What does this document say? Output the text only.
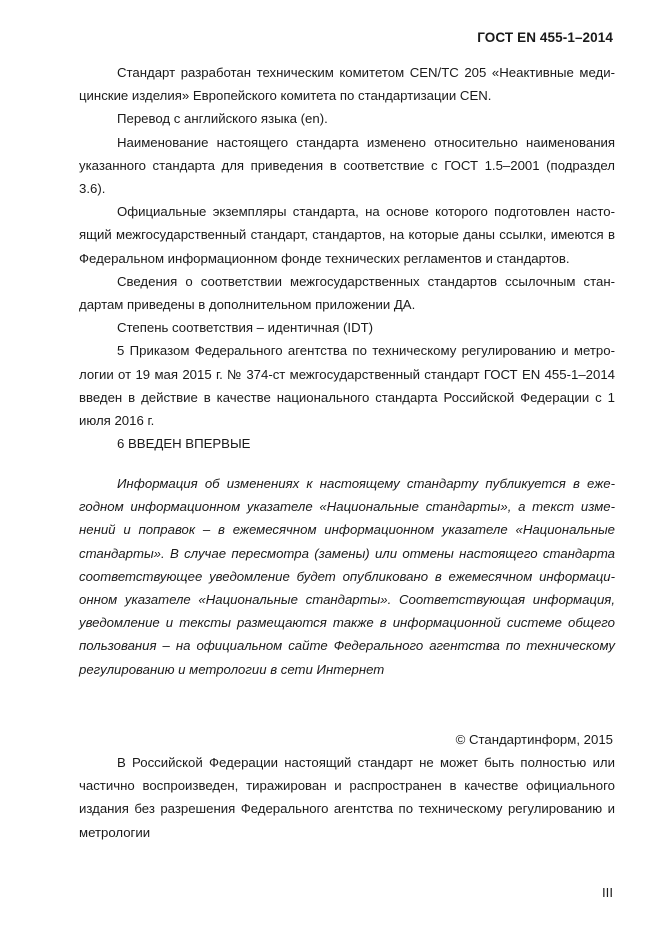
ГОСТ EN 455-1–2014

Стандарт разработан техническим комитетом CEN/TC 205 «Неактивные меди-цинские изделия» Европейского комитета по стандартизации CEN.

Перевод с английского языка (en).

Наименование настоящего стандарта изменено относительно наименования указанного стандарта для приведения в соответствие с ГОСТ 1.5–2001 (подраздел 3.6).

Официальные экземпляры стандарта, на основе которого подготовлен насто-ящий межгосударственный стандарт, стандартов, на которые даны ссылки, имеются в Федеральном информационном фонде технических регламентов и стандартов.

Сведения о соответствии межгосударственных стандартов ссылочным стан-дартам приведены в дополнительном приложении ДА.

Степень соответствия – идентичная (IDT)

5 Приказом Федерального агентства по техническому регулированию и метро-логии от 19 мая 2015 г. № 374-ст межгосударственный стандарт ГОСТ EN 455-1–2014 введен в действие в качестве национального стандарта Российской Федерации с 1 июля 2016 г.

6 ВВЕДЕН ВПЕРВЫЕ

Информация об изменениях к настоящему стандарту публикуется в еже-годном информационном указателе «Национальные стандарты», а текст изме-нений и поправок – в ежемесячном информационном указателе «Национальные стандарты». В случае пересмотра (замены) или отмены настоящего стандарта соответствующее уведомление будет опубликовано в ежемесячном информаци-онном указателе «Национальные стандарты». Соответствующая информация, уведомление и тексты размещаются также в информационной системе общего пользования – на официальном сайте Федерального агентства по техническому регулированию и метрологии в сети Интернет

© Стандартинформ, 2015

В Российской Федерации настоящий стандарт не может быть полностью или частично воспроизведен, тиражирован и распространен в качестве официального издания без разрешения Федерального агентства по техническому регулированию и метрологии

III
